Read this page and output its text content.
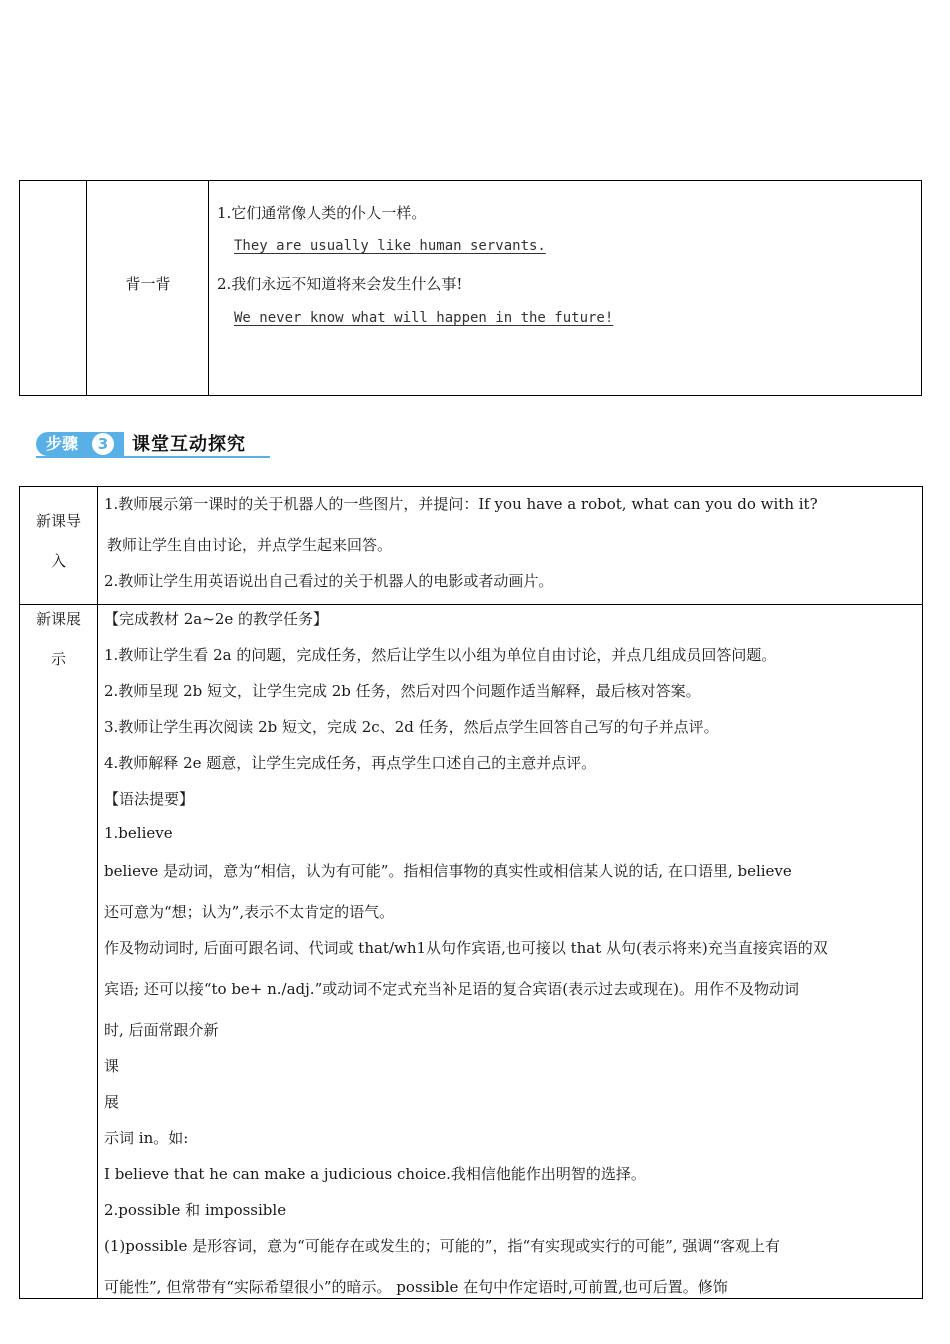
背一背
1.它们通常像人类的仆人一样。
They are usually like human servants.
2.我们永远不知道将来会发生什么事!
We never know what will happen in the future!
步骤	3	课堂互动探究
新课导
入
新课展
示
1.教师展示第一课时的关于机器人的一些图片，并提问：If you have a robot, what can you do with it?
教师让学生自由讨论，并点学生起来回答。
2.教师让学生用英语说出自己看过的关于机器人的电影或者动画片。
【完成教材 2a~2e 的教学任务】
1.教师让学生看 2a 的问题，完成任务，然后让学生以小组为单位自由讨论，并点几组成员回答问题。
2.教师呈现 2b 短文，让学生完成 2b 任务，然后对四个问题作适当解释，最后核对答案。
3.教师让学生再次阅读 2b 短文，完成 2c、2d 任务，然后点学生回答自己写的句子并点评。
4.教师解释 2e 题意，让学生完成任务，再点学生口述自己的主意并点评。
【语法提要】
1.believe
believe 是动词，意为“相信，认为有可能”。指相信事物的真实性或相信某人说的话, 在口语里, believe
还可意为“想；认为”,表示不太肯定的语气。
作及物动词时, 后面可跟名词、代词或 that/wh1从句作宾语,也可接以 that 从句(表示将来)充当直接宾语的双
宾语; 还可以接“to be+ n./adj.”或动词不定式充当补足语的复合宾语(表示过去或现在)。用作不及物动词
时, 后面常跟介新
课
展
示词 in。如:
I believe that he can make a judicious choice.我相信他能作出明智的选择。
2.possible 和 impossible
(1)possible 是形容词，意为“可能存在或发生的；可能的”，指“有实现或实行的可能”, 强调“客观上有
可能性”, 但常带有“实际希望很小”的暗示。 possible 在句中作定语时,可前置,也可后置。修饰
